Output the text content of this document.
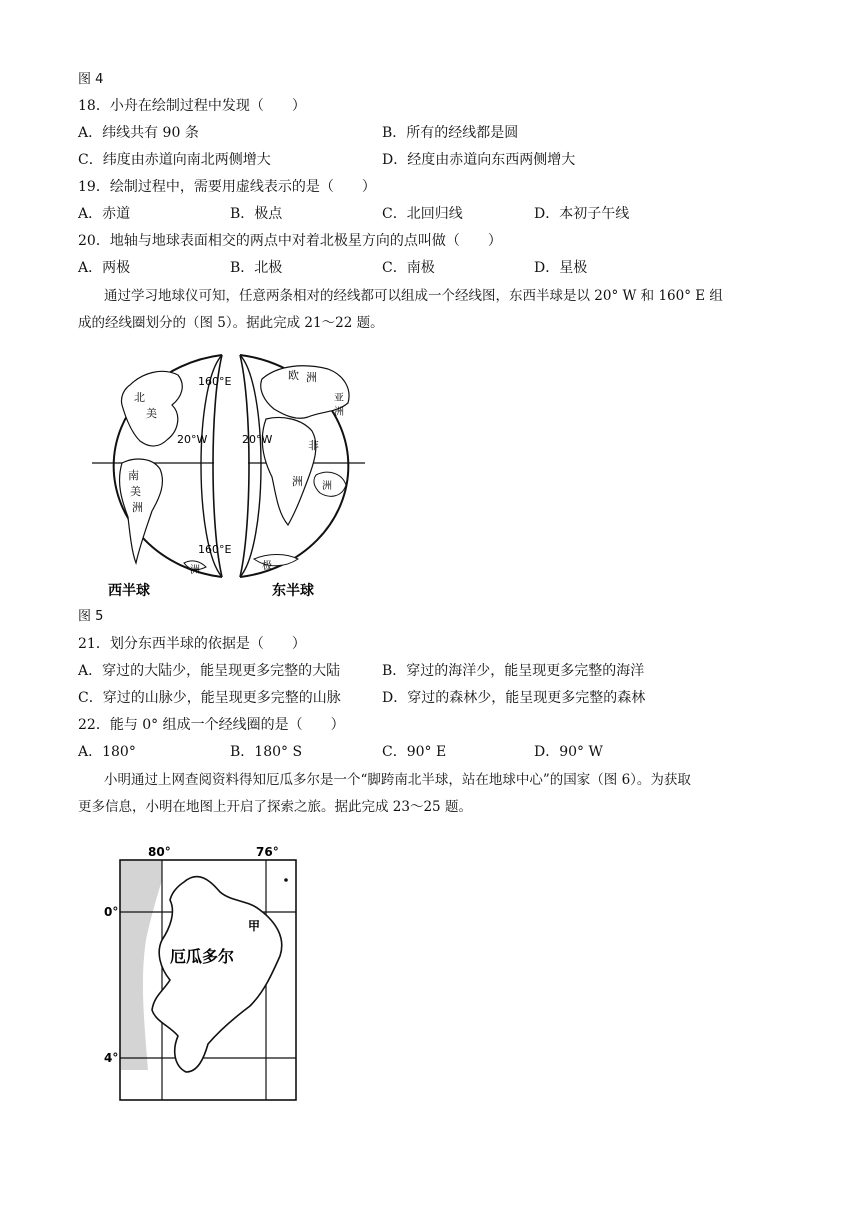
图 4
18．小舟在绘制过程中发现（　　）
A．纬线共有 90 条	B．所有的经线都是圆
C．纬度由赤道向南北两侧增大	D．经度由赤道向东西两侧增大
19．绘制过程中，需要用虚线表示的是（　　）
A．赤道	B．极点	C．北回归线	D．本初子午线
20．地轴与地球表面相交的两点中对着北极星方向的点叫做（　　）
A．两极	B．北极	C．南极	D．星极
通过学习地球仪可知，任意两条相对的经线都可以组成一个经线图，东西半球是以 20° W 和 160° E 组
成的经线圈划分的（图 5）。据此完成 21～22 题。
160°E
20°W
160°E
北
美
南
美
洲
洲
西半球
20°W
欧 洲
亚
洲
非
洲 洲
极
东半球
图 5
21．划分东西半球的依据是（　　）
A．穿过的大陆少，能呈现更多完整的大陆	B．穿过的海洋少，能呈现更多完整的海洋
C．穿过的山脉少，能呈现更多完整的山脉	D．穿过的森林少，能呈现更多完整的森林
22．能与 0° 组成一个经线圈的是（　　）
A．180°	B．180° S	C．90° E	D．90° W
小明通过上网查阅资料得知厄瓜多尔是一个“脚跨南北半球，站在地球中心”的国家（图 6）。为获取
更多信息，小明在地图上开启了探索之旅。据此完成 23～25 题。
80°	76°
0°
4°
甲
厄瓜多尔
